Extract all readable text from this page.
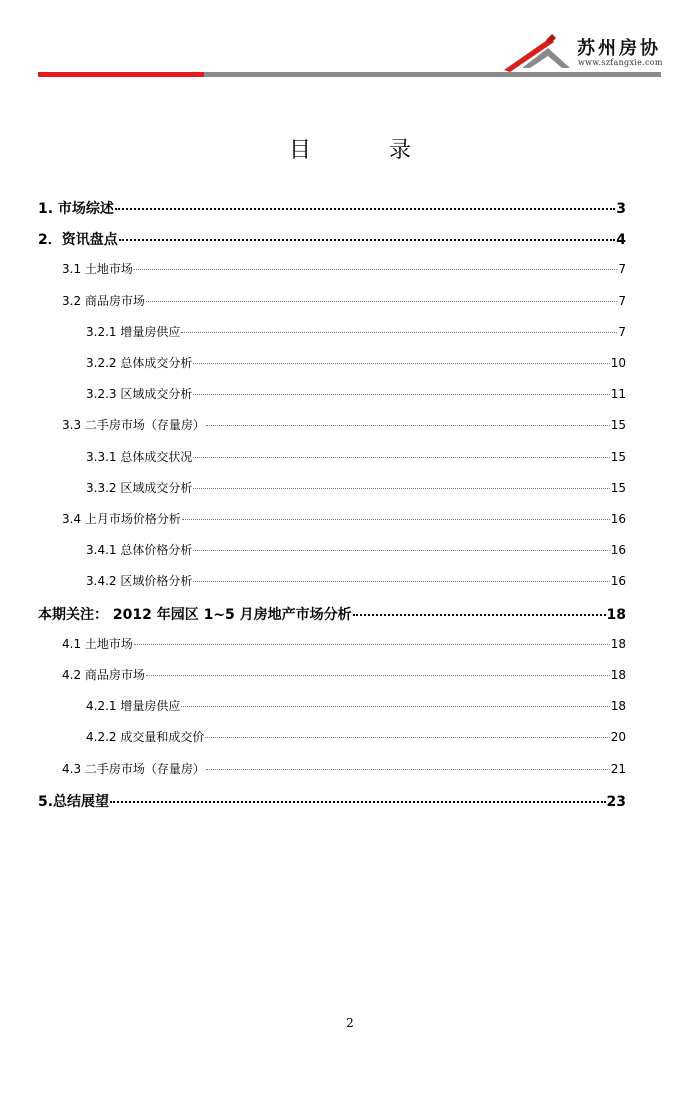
苏州房协
www.szfangxie.com
目	录
1. 市场综述	3
2．资讯盘点	4
3.1 土地市场	7
3.2 商品房市场	7
3.2.1 增量房供应	7
3.2.2 总体成交分析	10
3.2.3 区域成交分析	11
3.3 二手房市场（存量房）	15
3.3.1 总体成交状况	15
3.3.2 区域成交分析	15
3.4 上月市场价格分析	16
3.4.1 总体价格分析	16
3.4.2 区域价格分析	16
本期关注： 2012 年园区 1~5 月房地产市场分析	18
4.1 土地市场	18
4.2 商品房市场	18
4.2.1 增量房供应	18
4.2.2 成交量和成交价	20
4.3 二手房市场（存量房）	21
5.总结展望	23
2
